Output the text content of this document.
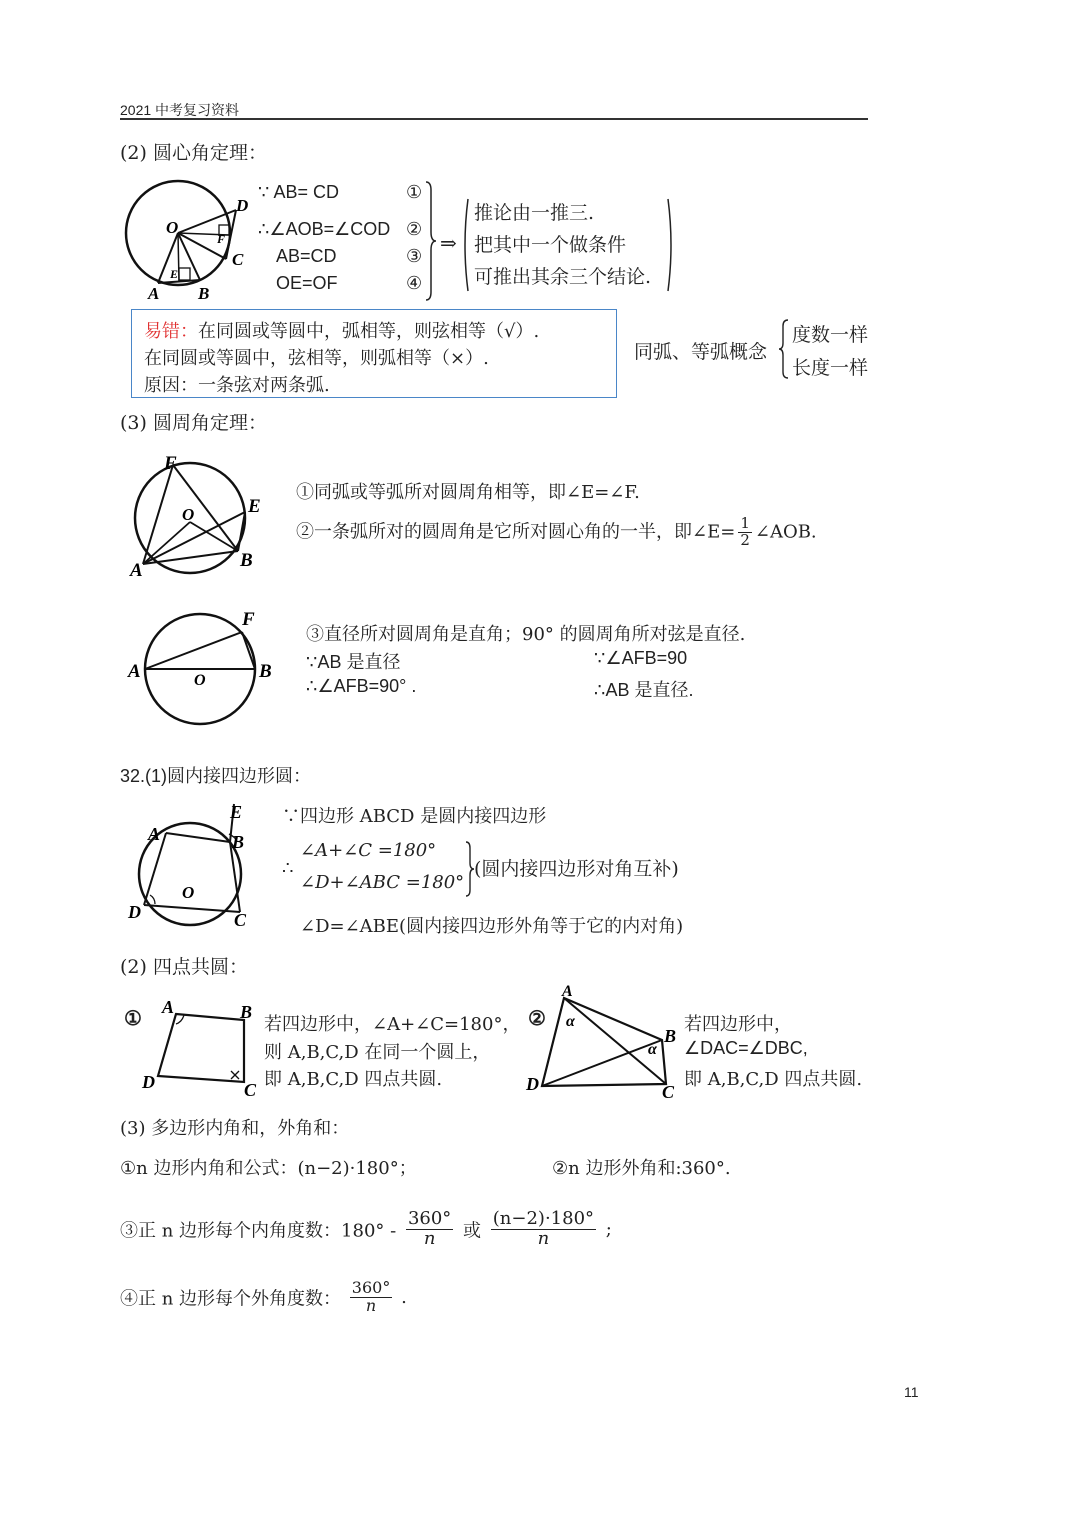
2021 中考复习资料
(2) 圆心角定理：
O
D
F
C
E
A B
∵ AB= CD
∴∠AOB=∠COD
AB=CD
OE=OF
①
②
③
④
⇒
推论由一推三.
把其中一个做条件
可推出其余三个结论.
易错：在同圆或等圆中，弧相等，则弦相等（√）.
在同圆或等圆中，弦相等，则弧相等（×）.
原因：一条弦对两条弧.
同弧、等弧概念
度数一样
长度一样
(3) 圆周角定理：
F
O	E
A	B
①同弧或等弧所对圆周角相等，即∠E=∠F.
②一条弧所对的圆周角是它所对圆心角的一半，即∠E= $\frac{1}{2}$ ∠AOB.
F
A	O	B
③直径所对圆周角是直角；90° 的圆周角所对弦是直径.
∵AB 是直径
∴∠AFB=90° .
∵∠AFB=90
∴AB 是直径.
32.(1)圆内接四边形圆：
E
A	B
O
D	C
∵四边形 ABCD 是圆内接四边形
∴
∠A+∠C =180°
∠D+∠ABC =180°
(圆内接四边形对角互补)
∠D=∠ABE(圆内接四边形外角等于它的内对角)
(2) 四点共圆：
① A	B
D	C
若四边形中，∠A+∠C=180°，
则 A,B,C,D 在同一个圆上，
即 A,B,C,D 四点共圆.
②
A
B
D	C
α
α
若四边形中，
∠DAC=∠DBC,
即 A,B,C,D 四点共圆.
(3) 多边形内角和，外角和：
①n 边形内角和公式：(n−2)·180°；	②n 边形外角和:360°.
③正 n 边形每个内角度数：$180^\circ - \frac{360^\circ}{n}$ 或 $\frac{(n-2)\cdot 180^\circ}{n}$ ;
④正 n 边形每个外角度数： $\frac{360^\circ}{n}$ .
11
